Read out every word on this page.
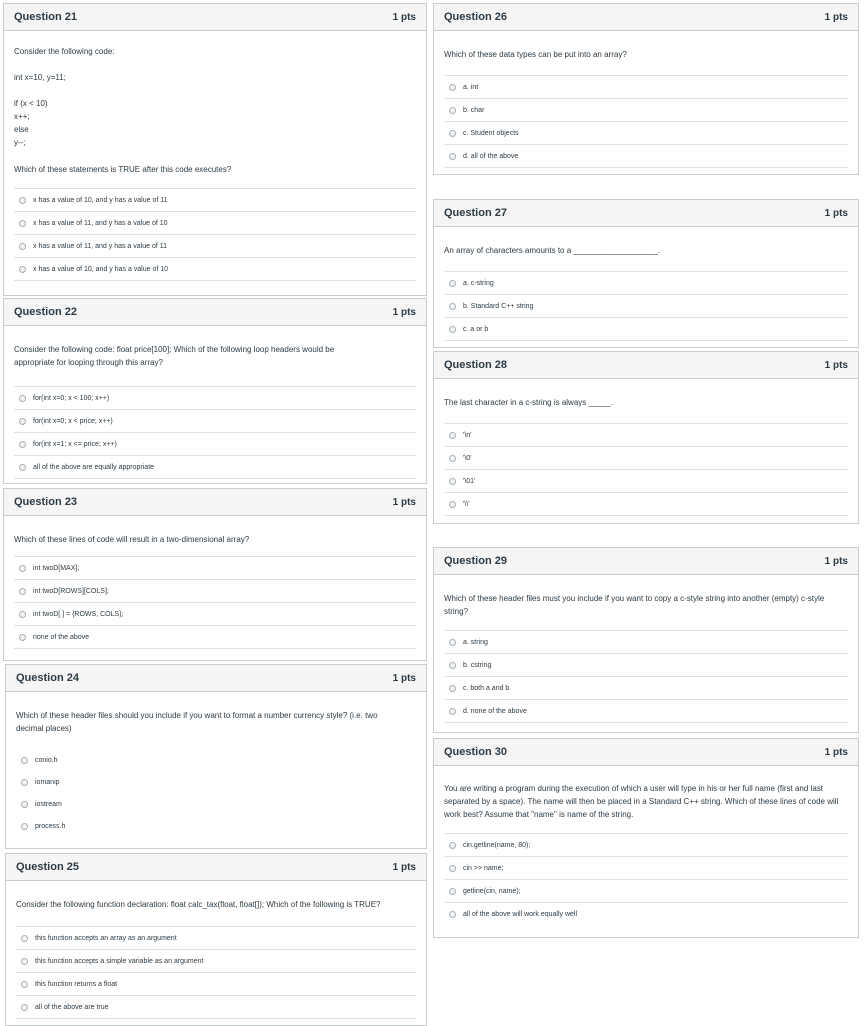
Question 21	1 pts

Consider the following code:

int x=10, y=11;

if (x < 10)

x++;

else

y--;

Which of these statements is TRUE after this code executes?

x has a value of 10, and y has a value of 11
x has a value of 11, and y has a value of 10
x has a value of 11, and y has a value of 11
x has a value of 10, and y has a value of 10
Question 22	1 pts

Consider the following code: float price[100]; Which of the following loop headers would be appropriate for looping through this array?

for(int x=0; x < 100; x++)
for(int x=0; x < price; x++)
for(int x=1; x <= price; x++)
all of the above are equally appropriate
Question 23	1 pts

Which of these lines of code will result in a two-dimensional array?

int twoD[MAX];
int twoD[ROWS][COLS];
int twoD[ ] = {ROWS, COLS};
none of the above
Question 24	1 pts

Which of these header files should you include if you want to format a number currency style? (i.e. two decimal places)

conio.h
iomanip
iostream
process.h
Question 25	1 pts

Consider the following function declaration: float calc_tax(float, float[]); Which of the following is TRUE?

this function accepts an array as an argument
this function accepts a simple variable as an argument
this function returns a float
all of the above are true
Question 26	1 pts

Which of these data types can be put into an array?

a. int
b. char
c. Student objects
d. all of the above
Question 27	1 pts

An array of characters amounts to a ___________________.

a. c-string
b. Standard C++ string
c. a or b
Question 28	1 pts

The last character in a c-string is always _____.

'\n'
'\0'
'\01'
'\\'
Question 29	1 pts

Which of these header files must you include if you want to copy a c-style string into another (empty) c-style string?

a. string
b. cstring
c. both a and b
d. none of the above
Question 30	1 pts

You are writing a program during the execution of which a user will type in his or her full name (first and last separated by a space). The name will then be placed in a Standard C++ string. Which of these lines of code will work best? Assume that "name" is name of the string.

cin.getline(name, 80);
cin >> name;
getline(cin, name);
all of the above will work equally well
